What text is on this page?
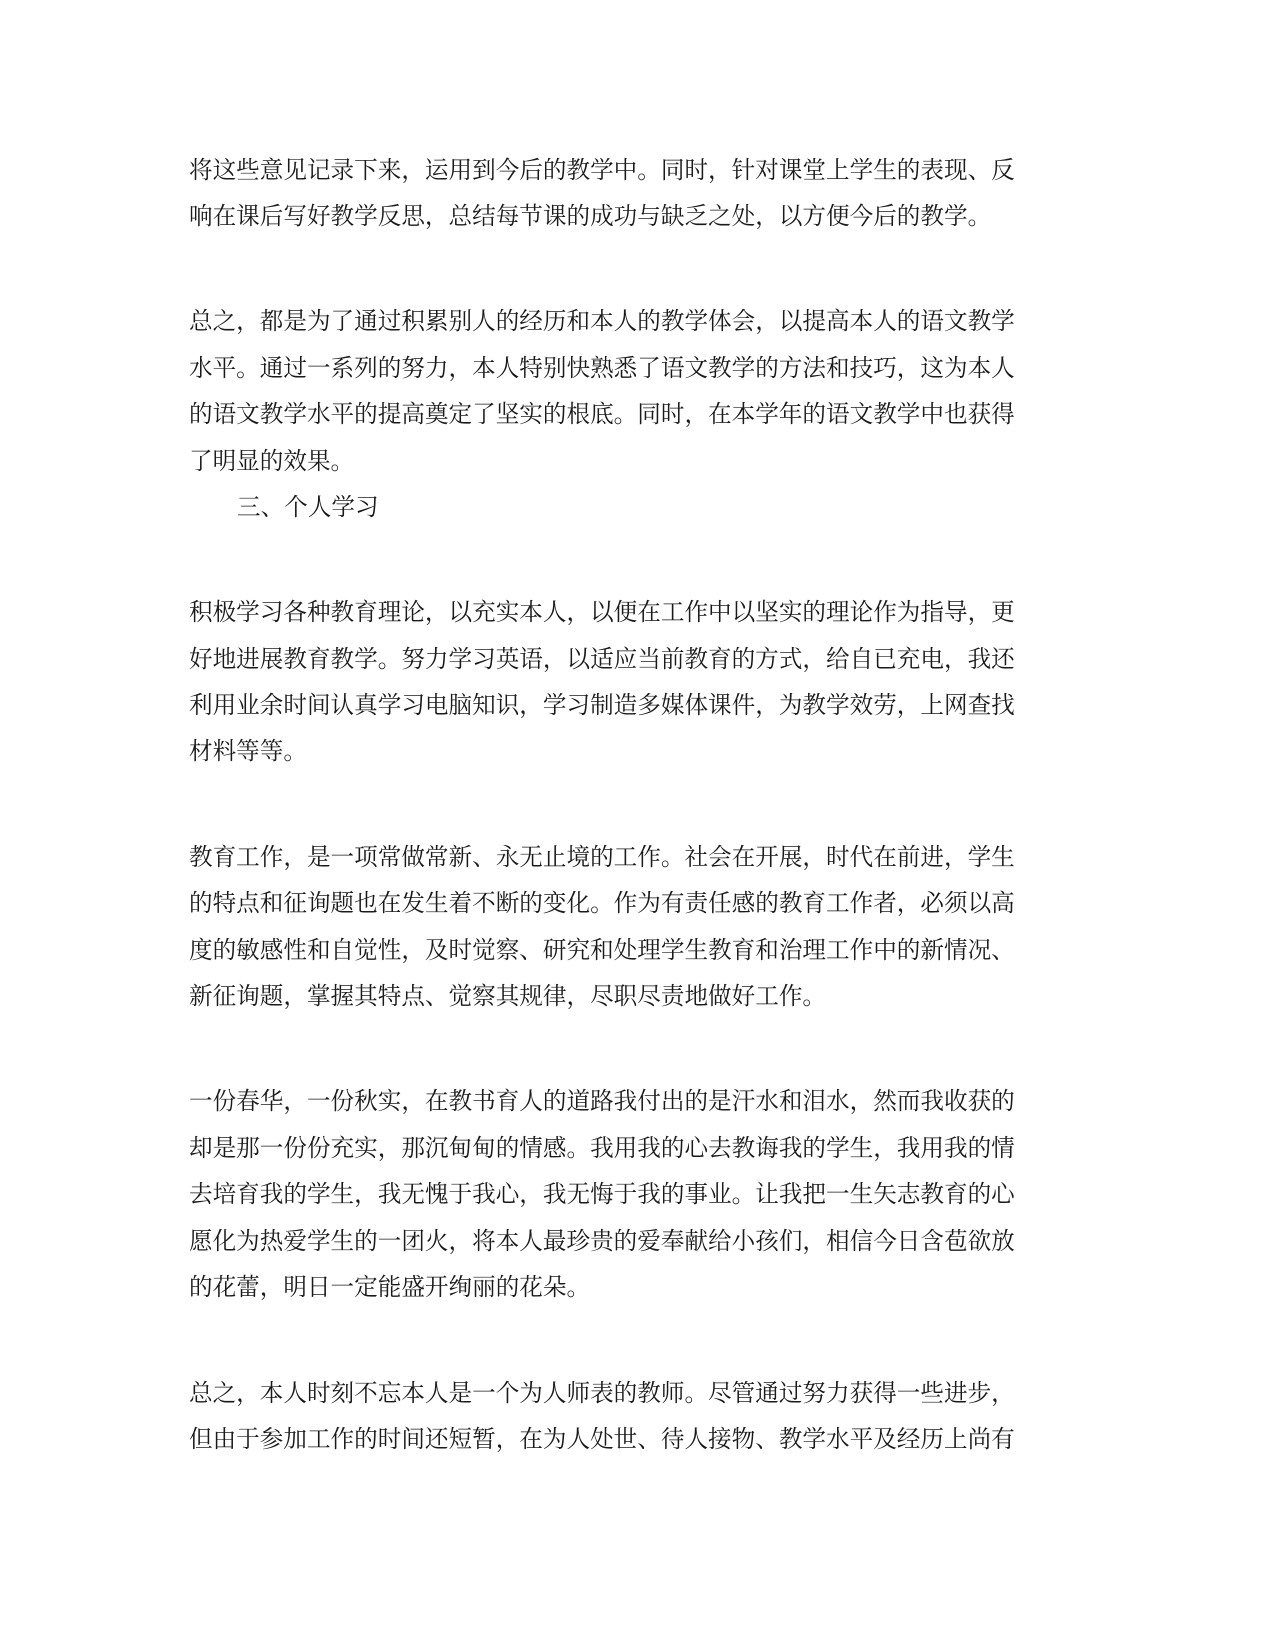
将这些意见记录下来，运用到今后的教学中。同时，针对课堂上学生的表现、反
响在课后写好教学反思，总结每节课的成功与缺乏之处，以方便今后的教学。
总之，都是为了通过积累别人的经历和本人的教学体会，以提高本人的语文教学
水平。通过一系列的努力，本人特别快熟悉了语文教学的方法和技巧，这为本人
的语文教学水平的提高奠定了坚实的根底。同时，在本学年的语文教学中也获得
了明显的效果。
三、个人学习
积极学习各种教育理论，以充实本人，以便在工作中以坚实的理论作为指导，更
好地进展教育教学。努力学习英语，以适应当前教育的方式，给自已充电，我还
利用业余时间认真学习电脑知识，学习制造多媒体课件，为教学效劳，上网查找
材料等等。
教育工作，是一项常做常新、永无止境的工作。社会在开展，时代在前进，学生
的特点和征询题也在发生着不断的变化。作为有责任感的教育工作者，必须以高
度的敏感性和自觉性，及时觉察、研究和处理学生教育和治理工作中的新情况、
新征询题，掌握其特点、觉察其规律，尽职尽责地做好工作。
一份春华，一份秋实，在教书育人的道路我付出的是汗水和泪水，然而我收获的
却是那一份份充实，那沉甸甸的情感。我用我的心去教诲我的学生，我用我的情
去培育我的学生，我无愧于我心，我无悔于我的事业。让我把一生矢志教育的心
愿化为热爱学生的一团火，将本人最珍贵的爱奉献给小孩们，相信今日含苞欲放
的花蕾，明日一定能盛开绚丽的花朵。
总之，本人时刻不忘本人是一个为人师表的教师。尽管通过努力获得一些进步，
但由于参加工作的时间还短暂，在为人处世、待人接物、教学水平及经历上尚有
